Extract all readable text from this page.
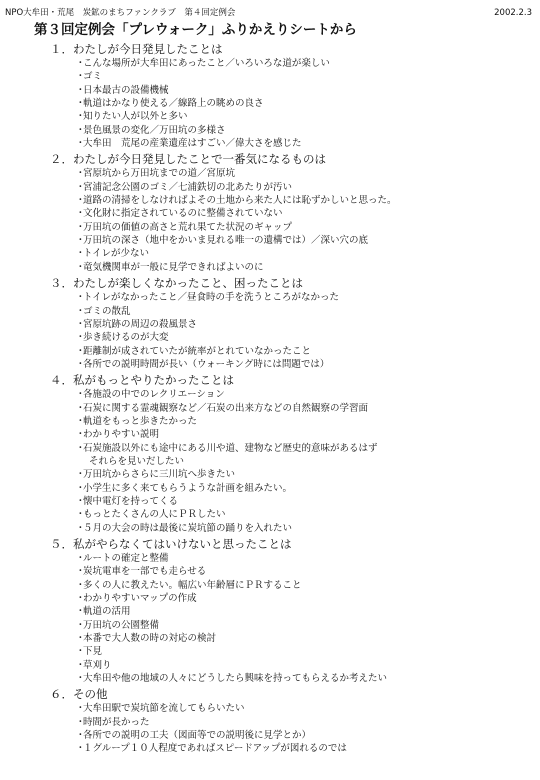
NPO大牟田・荒尾　炭鉱のまちファンクラブ　第４回定例会	2002.2.3
第３回定例会「プレウォーク」ふりかえりシートから
１．わたしが今日発見したことは
･こんな場所が大牟田にあったこと／いろいろな道が楽しい
･ゴミ
･日本最古の設備機械
･軌道はかなり使える／線路上の眺めの良さ
･知りたい人が以外と多い
･景色風景の変化／万田坑の多様さ
･大牟田　荒尾の産業遺産はすごい／偉大さを感じた
２．わたしが今日発見したことで一番気になるものは
･宮原坑から万田坑までの道／宮原坑
･宮浦記念公園のゴミ／七浦鉄切の北あたりが汚い
･道路の清掃をしなければよその土地から来た人には恥ずかしいと思った。
･文化財に指定されているのに整備されていない
･万田坑の価値の高さと荒れ果てた状況のギャップ
･万田坑の深さ（地中をかいま見れる唯一の遺構では）／深い穴の底
･トイレが少ない
･竜気機関車が一般に見学できればよいのに
３．わたしが楽しくなかったこと、困ったことは
･トイレがなかったこと／昼食時の手を洗うところがなかった
･ゴミの散乱
･宮原坑跡の周辺の殺風景さ
･歩き続けるのが大変
･距離制が成されていたが統率がとれていなかったこと
･各所での説明時間が長い（ウォーキング時には問題では）
４．私がもっとやりたかったことは
･各施設の中でのレクリエーション
･石炭に関する霊魂観察など／石炭の出来方などの自然観察の学習面
･軌道をもっと歩きたかった
･わかりやすい説明
･石炭施設以外にも途中にある川や道、建物など歴史的意味があるはず
それらを見いだしたい
･万田坑からさらに三川坑へ歩きたい
･小学生に多く来てもらうような計画を組みたい。
･懐中電灯を持ってくる
･もっとたくさんの人にＰＲしたい
･５月の大会の時は最後に炭坑節の踊りを入れたい
５．私がやらなくてはいけないと思ったことは
･ルートの確定と整備
･炭坑電車を一部でも走らせる
･多くの人に教えたい。幅広い年齢層にＰＲすること
･わかりやすいマップの作成
･軌道の活用
･万田坑の公園整備
･本番で大人数の時の対応の検討
･下見
･草刈り
･大牟田や他の地域の人々にどうしたら興味を持ってもらえるか考えたい
６．その他
･大牟田駅で炭坑節を流してもらいたい
･時間が長かった
･各所での説明の工夫（図面等での説明後に見学とか）
･１グループ１０人程度であればスピードアップが図れるのでは
